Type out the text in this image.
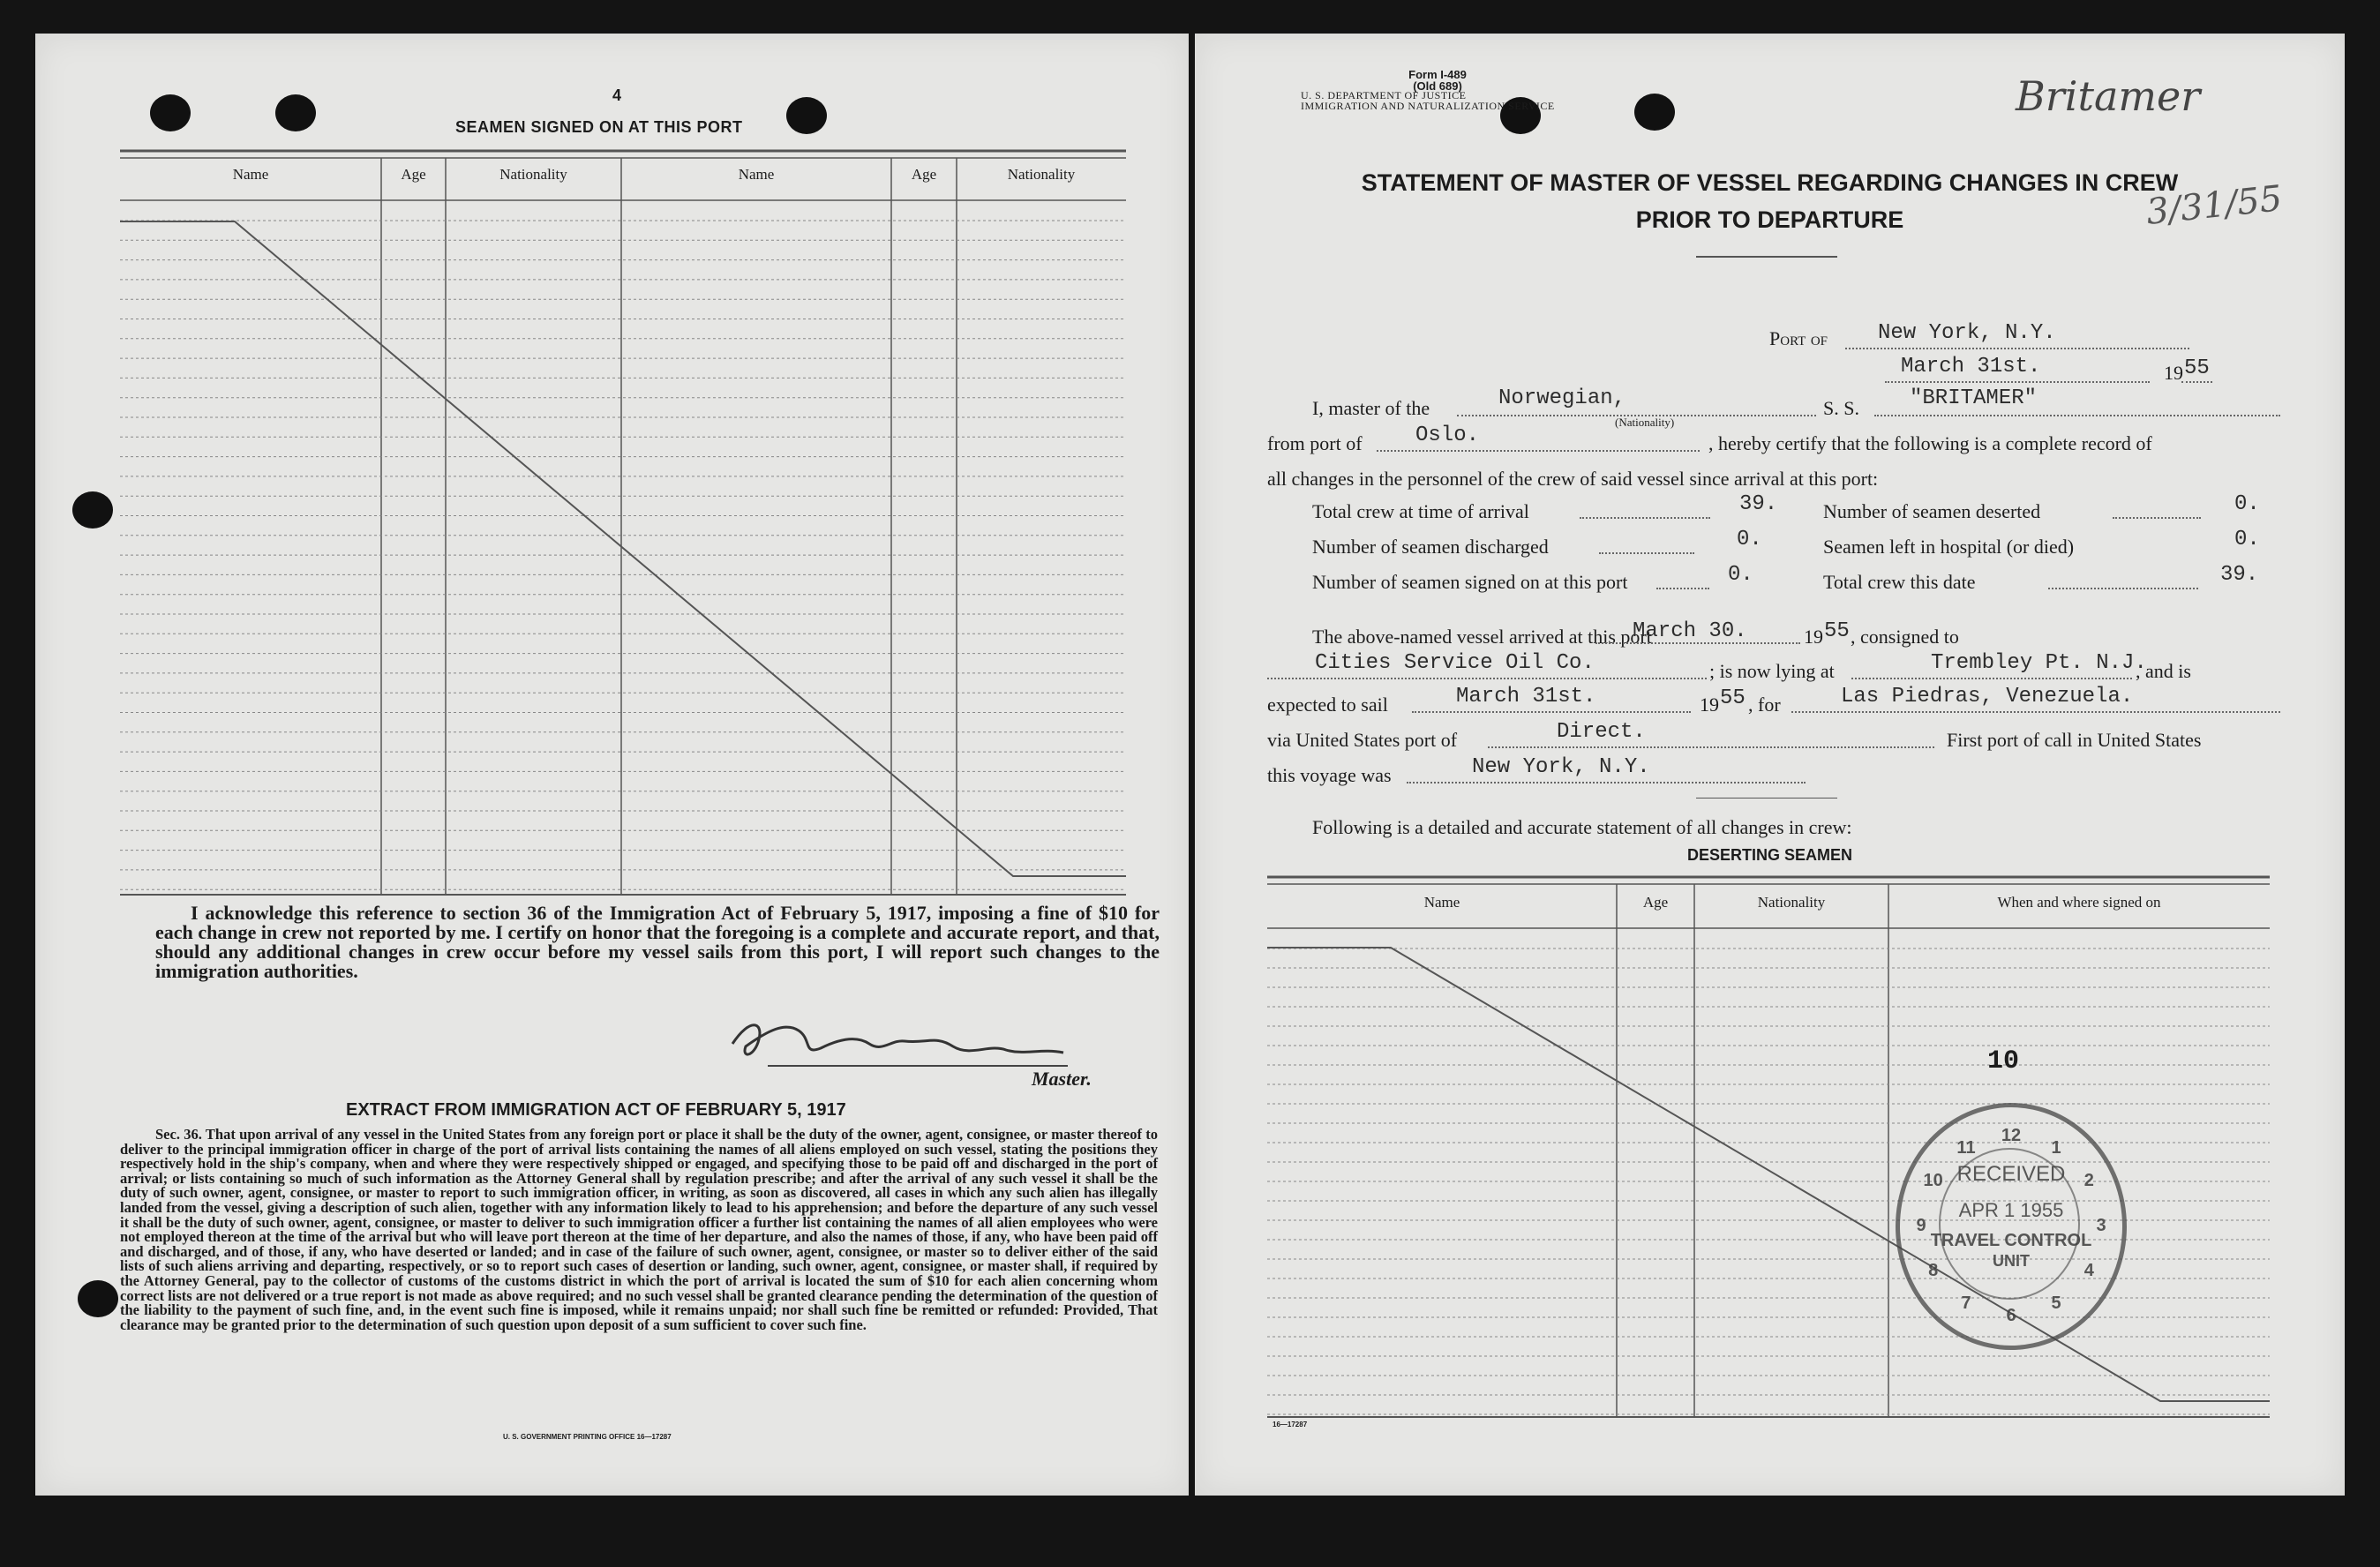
4
SEAMEN SIGNED ON AT THIS PORT
Name	Age	Nationality	Name	Age	Nationality
I acknowledge this reference to section 36 of the Immigration Act of February 5, 1917, imposing a fine of $10 for each change in crew not reported by me. I certify on honor that the foregoing is a complete and accurate report, and that, should any additional changes in crew occur before my vessel sails from this port, I will report such changes to the immigration authorities.
Master.
EXTRACT FROM IMMIGRATION ACT OF FEBRUARY 5, 1917
Sec. 36. That upon arrival of any vessel in the United States from any foreign port or place it shall be the duty of the owner, agent, consignee, or master thereof to deliver to the principal immigration officer in charge of the port of arrival lists containing the names of all aliens employed on such vessel, stating the positions they respectively hold in the ship's company, when and where they were respectively shipped or engaged, and specifying those to be paid off and discharged in the port of arrival; or lists containing so much of such information as the Attorney General shall by regulation prescribe; and after the arrival of any such vessel it shall be the duty of such owner, agent, consignee, or master to report to such immigration officer, in writing, as soon as discovered, all cases in which any such alien has illegally landed from the vessel, giving a description of such alien, together with any information likely to lead to his apprehension; and before the departure of any such vessel it shall be the duty of such owner, agent, consignee, or master to deliver to such immigration officer a further list containing the names of all alien employees who were not employed thereon at the time of the arrival but who will leave port thereon at the time of her departure, and also the names of those, if any, who have been paid off and discharged, and of those, if any, who have deserted or landed; and in case of the failure of such owner, agent, consignee, or master so to deliver either of the said lists of such aliens arriving and departing, respectively, or so to report such cases of desertion or landing, such owner, agent, consignee, or master shall, if required by the Attorney General, pay to the collector of customs of the customs district in which the port of arrival is located the sum of $10 for each alien concerning whom correct lists are not delivered or a true report is not made as above required; and no such vessel shall be granted clearance pending the determination of the question of the liability to the payment of such fine, and, in the event such fine is imposed, while it remains unpaid; nor shall such fine be remitted or refunded: Provided, That clearance may be granted prior to the determination of such question upon deposit of a sum sufficient to cover such fine.
U. S. GOVERNMENT PRINTING OFFICE 16—17287
Form I-489
(Old 689)
U. S. DEPARTMENT OF JUSTICE
IMMIGRATION AND NATURALIZATION SERVICE	Britamer
3/31/55
STATEMENT OF MASTER OF VESSEL REGARDING CHANGES IN CREW
PRIOR TO DEPARTURE
Port of New York, N.Y.
March 31st.	19 55
I, master of the	Norwegian,
(Nationality)
S. S. "BRITAMER"
from port of	Oslo.	, hereby certify that the following is a complete record of
all changes in the personnel of the crew of said vessel since arrival at this port:
Total crew at time of arrival	39. Number of seamen deserted	0.
Number of seamen discharged	0.	Seamen left in hospital (or died)	0.
Number of seamen signed on at this port	0.	Total crew this date	39.
The above-named vessel arrived at this port
March 30.	19 55 , consigned to
Cities Service Oil Co.	; is now lying at	Trembley Pt. N.J.
, and is
expected to sail	March 31st.	19 55 , for	Las Piedras, Venezuela.
via United States port of	Direct.	First port of call in United States
this voyage was	New York, N.Y.
Following is a detailed and accurate statement of all changes in crew:
DESERTING SEAMEN
Name	Age	Nationality	When and where signed on
10
16—17287
RECEIVED
APR 1 1955
TRAVEL CONTROL
UNIT
12
1
2
3
4
5
6
7
8
9
10
11
